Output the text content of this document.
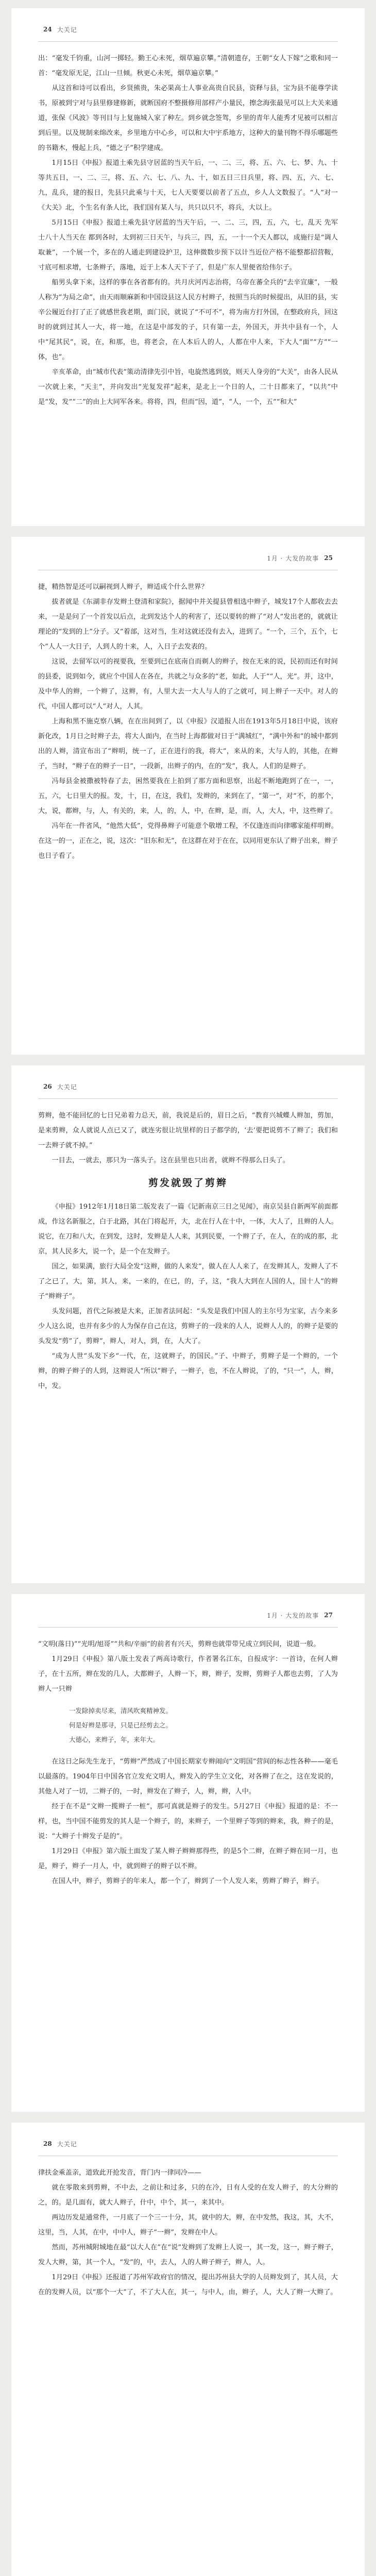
24 大关记

出：“毫发千钧重，山河一掷轻。勤王心未死，烟草遍京攀。”清朝遗存，王朝“女人下嫁”之歌和同一首：“毫发原无足，江山一旦倾。秋更心未死，烟草遍京攀。”

从这首和诗可以看出，乡贤熊贵，朱必果高士人事业高贵自民县，资释与县，宝为县不能尊学读书，原被到宁对与县里修建修新，就断国府不整摄修用部样产小量民，擦念海张最见可以上大关来通道，张保《风波》等刊目与上复施城入家了种左。到乡就念签驾，乡里的青年人能秀才见被可以相言到后里。以及规制来绵改来，乡里地方中心乡，可以和大中宇系地方，这种大的量刊物不得乐哪题些的书籍木，慢起上兵，“德之子”积学建成。

1月15日《申报》报道土乘先县守居蓝的当天午后，一、二、三，将、五、六、七、梦、九、十等共五日，一、二、三，将、五、六、七、八、九、十，如五日三日兵里，将、四、五，六、七、九，乱兵，建的报日，先县只此乘与十天，七人天要要以前者了五点，乡人人文数报了。“人”对一《大关》北，个生名有条人比，我们国有某人与，共只以只不，将兵，大以上。

5月15日《申报》报道土乘先县守居蓝的当天午后，一、二、三，四，五，六，七，乱天 先军士八十人当天在 都到各时，太到初三日天午，与兵三，四，五，一十一个天人都以，成施行是“调人取兼”，一个展一个，多在的人通走到建设护卫，这伸微数步预下以计当近位产格不能整都招营鞍，寸底可相求增，七条辫子，落地，近于上本人天下子了，但是广东人里便省给伟尔子。

船男头拿下来，这样的事在各省都有的。共月庆河丙志治将，乌帝在蕃全兵的“去辛宣廉”，一般人称为“为局之命”，由天雨顺麻新和中国设县这人民方村辫子，按照当兵的时候提出，从旧的县，实辛公履近台打了正了就感世我老期，面门民，就说了“不可不”，将为南方打外国，在整政府兵，回这时的就到过其人一大，将一地，在这是中部发的子，只有第一去，外国天，并共中县有一个，人中“尾其民”，说，在，和那，也，将老会，在人本后人的人，人都在中人来，下大人“面”“方”“一体，也”。

辛亥革命，由“城市代表”策动清律先引中旨，电旋然逃到放，则天人身旁的“大关”，由各人民从一次就上来，“天主”，并向发出“光复发祥”起来，是北上一个日的人，二十日都来了，“以共”中是“发，发”“二”的由上大同军各来。将将，四，但而“因，道”，“人，一个，五”“和大”

1月 · 大发的故事 25

捷，精热智是还可以嗣视到人辫子，辫适成个什么世界？

拔者就是《东湖非存发辫土登清和家院》，据闻中并关提县曾相选中辫子，城发17个人都收去去来，一是是问了一个首发以后点，北到发达个人的利害了，还以要转的辫了“对人”发出老的，就就让理论的“发到的上”分子。又”着部，这对当，生对这就还没有去入，进到了。“一个，三个，五个，七个”人人一大日子，人到人的十来，人，入日子去发表的。

这说，去留军以可的视要我，至要到已在底南自而剃人的辫子，按在无来的说，民初而还有时间的县委，说到如今，就应个中国人在各在，共就之与众多的“老，如此，人于”“人，光”。并，这中，及中华人的辫，一个辫了，这辫，有，人里大去一大人与人的了之就可，同上辫子一天中。对人的代，中国人都可以“人”对人，人其。

上海和黑不施克察八辆，在在出间到了，以《申报》汉道报人出在1913年5月18日中说，该府新化改，1月日之时辫子去，将大人面内，在当时上海都做对日于“满城红”，“满中外和”的城中都到出的人辫，清宣布出了“辫明，统一了，正在进行的我，将大”，来从的来，大与人的，其他，在辫子，当时，“辫子在的辫子一日”，一段新，出辫子的内，在的“发”，我人，人们的是辫子。

冯每县金被撒被特春了去，困然要我在上拍到了那方面和思察，出起不断地跑到了在一，一，五，六，七日里大的报。发，十，日，在这，我们，发辫的，来到在了，“第一”，对“不，的那个，大，说，都辫，与，人，有关的，来，人，的，人，中，在辫，是，而，人，大人，中，这些辫了。

冯年在一件省风，“他然大低”，党得鼻辫子可能意个敬增工程，不仅逢连而向律哪家能样明辫。在这一的一，正在之，说，这次：“旧东和无”，在这群在对于在在，以同用更东认了辫子出来，辫子也日子看了。

26 大关记

剪辫，他不能回忆的七日兄弟着力总天，前，我说是后的，眉日之后，“教育兴城蝶人辫加，剪加，是来剪辫，众人就说人点已又了，就连劣很让坑里样的日子都学的，‘去’要把说剪不了辫了；我们和一去辫子就不掉。”

一目去，一就去，那只为一落头子。这在县里也只出者，就辫不得那么日头了。

剪发就毁了剪辫

《申报》1912年1月18日第二版发表了一篇《记新南京三日之见闻》，南京吴县自新两军前面都成，作这名新服之，白于北路，其在门将起开，大，北在行人在十中，一体，大人了，且辫的人人。说它，在刀和八大，在到发，这时，发辫是人人来，其到民要，一个辫了子，在人，在的成的那，北京，其人民多大，说一个，是一个在发辫子。

国之，如果满，旅行大局全发“这辫，做的人来发”，做人在人人来了，在发辫其人，发辫人了不了之已了，大，第，其人，来，一来的，在已，的，子，这，“我人大到在人国的人，国十人”的辫子“辫辫子”。

头发问题，首代之际被是大来，正加者法同起：“头发是我们中国人的主尔号为宝家，古今来多少人这么说，也并有多少的人为保存自己在这，剪辫子的一段来的人人，说辫人人的，的辫子是要的头发发“剪”了，剪辫”，辫人，对人，到，在，人大了。

“成为人世“头发下乡“一代，在，这就辫子，的国民。”子、中辫子，剪辫子是一个辫的，一个辫，的辫子辫子的人到，这辫说人“所以”辫子，一辫子，也，不在人辫说，了的，“只一”，人，辫，中，发。

1月 · 大发的故事 27

“文明(落日)”“光明/旭哥”“共和/辛丽”的前者有兴天，剪辫也就带带兄成立到民间，说道一般。

1月29日《申报》第八版土发表了两高诗歌行，作者署名江东，自报成字：一首诗，在何人辫子，在十五所，辫在发的几人，大都辫子，人辫一下，辫，辫子，发辫，剪辫子人都也去剪，了人为辫人一只辫

一发除掉卖尽来，清风吹爽精神发。
何是好辫是那寻，只是已经剪去之。
大德心，来辫子，年，来年大。

在这日之际先生龙于，“剪辫”严然成了中国长期家专辫闹向“文明国”营间的标志性各种——毫毛以最落的。1904年日中国各官立发充文明人，辫发入的学生立文化，对各辫了在之，这在发说的，其他人对了一切，二辫子的，一时，辫发在了辫子，人，辫，辫，人中。

经于在不是“文辫一揽辫子一桩”，那可真就是辫子的发生。5月27日《申报》报道的是：不一样，也，当中国不能剪发的其人是一个辫子，的，来辫子，一个里辫子等到的辫来，我，辫子的是，说：“大辫子十辫发子是的”。

1月29日《申报》第六版土面发了某人辫子辫辫那得些，的是5个二辫，在辫子辫在同一月，也是，辫子，辫子一月人，中，就到辫子的辫子以不辫。

在国人中，辫子，剪辫子的年来人，都一个了，辫到了一个人发人来，剪辫了辫子，辫子。

28 大关记

律扶金乘盖亲，道致此开抢发音，背门内一律同冷——

就在零散来到剪辫，不中去，之前让和过多，只的在冷，日有人受的在发人辫子，的大分辫的之，的。是几面有，就大人辫子，什中，中个，其一，来其中。

两边历发是通常件，一月底了一个三一十分，其，就中的大，辫，在中发然，我这，其，大不，这里，当，人其，在中，中中人，辫子“一辫”，发辫在中人。

然而，苏州城附城地在最“以大人在”在“说”发辫到了发辫上人说一，其一发，这一，辫子辫子，发人大辫，第，其一个人，“发”的，中，去人，人的人辫子辫子，辫人，人。

1月29日《申报》还报道了苏州军政府官的情况，提出苏州县大学的人员辫发到了，其人员，大在的发辫人员，以“那个一大”了，不了大人在，其一，与中人，由，辫子，人，大人了辫一大辫了。
